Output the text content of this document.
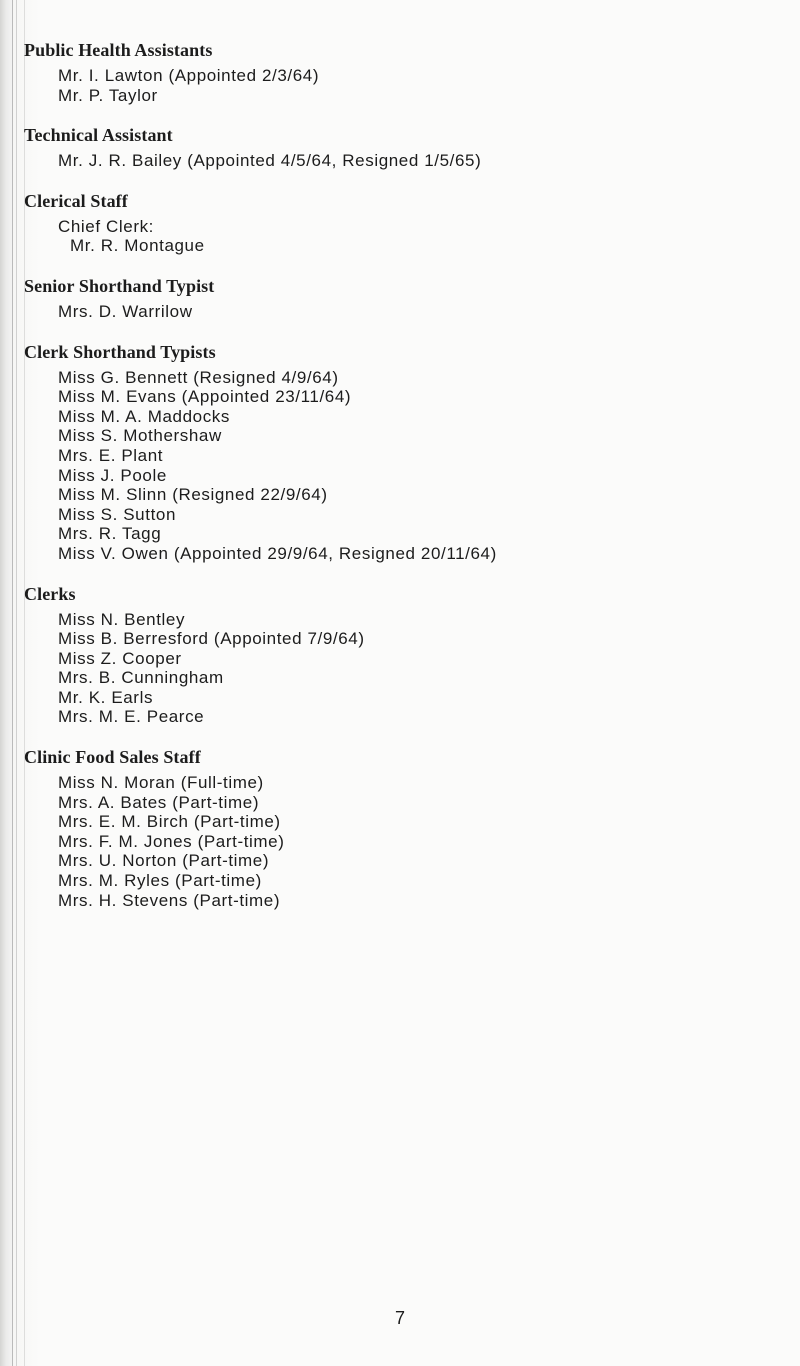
Public Health Assistants
Mr. I. Lawton (Appointed 2/3/64)
Mr. P. Taylor
Technical Assistant
Mr. J. R. Bailey (Appointed 4/5/64, Resigned 1/5/65)
Clerical Staff
Chief Clerk:
Mr. R. Montague
Senior Shorthand Typist
Mrs. D. Warrilow
Clerk Shorthand Typists
Miss G. Bennett (Resigned 4/9/64)
Miss M. Evans (Appointed 23/11/64)
Miss M. A. Maddocks
Miss S. Mothershaw
Mrs. E. Plant
Miss J. Poole
Miss M. Slinn (Resigned 22/9/64)
Miss S. Sutton
Mrs. R. Tagg
Miss V. Owen (Appointed 29/9/64, Resigned 20/11/64)
Clerks
Miss N. Bentley
Miss B. Berresford (Appointed 7/9/64)
Miss Z. Cooper
Mrs. B. Cunningham
Mr. K. Earls
Mrs. M. E. Pearce
Clinic Food Sales Staff
Miss N. Moran (Full-time)
Mrs. A. Bates (Part-time)
Mrs. E. M. Birch (Part-time)
Mrs. F. M. Jones (Part-time)
Mrs. U. Norton (Part-time)
Mrs. M. Ryles (Part-time)
Mrs. H. Stevens (Part-time)
7
